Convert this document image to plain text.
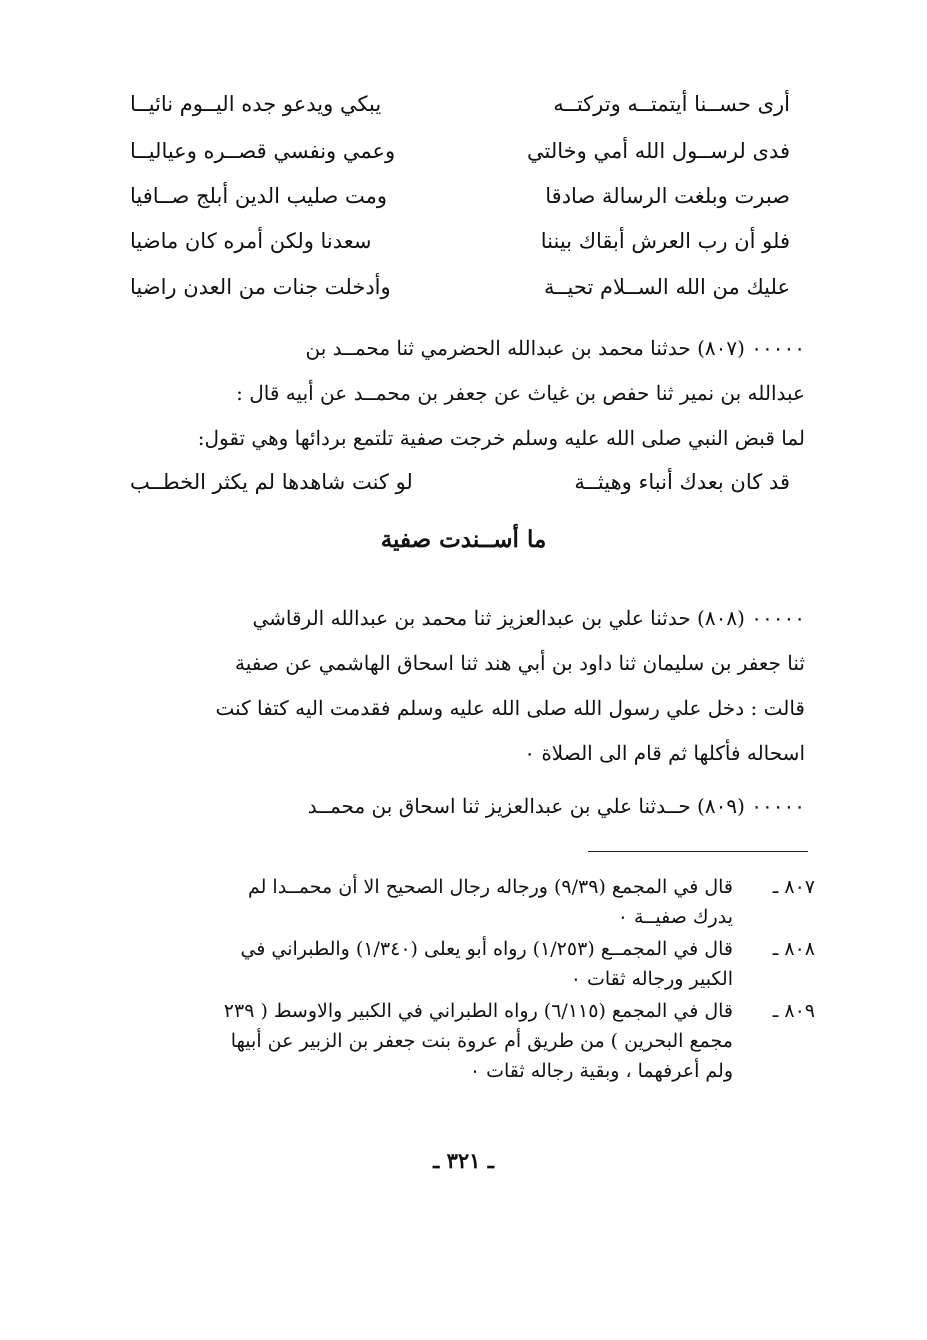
أرى حســنا أيتمتــه وتركتــه
يبكي ويدعو جده اليــوم نائيــا
فدى لرســول الله أمي وخالتي
وعمي ونفسي قصــره وعياليــا
صبرت وبلغت الرسالة صادقا
ومت صليب الدين أبلج صــافيا
فلو أن رب العرش أبقاك بيننا
سعدنا ولكن أمره كان ماضيا
عليك من الله الســلام تحيــة
وأدخلت جنات من العدن راضيا

٠٠٠٠٠ (٨٠٧) حدثنا محمد بن عبدالله الحضرمي ثنا محمــد بن

عبدالله بن نمير ثنا حفص بن غياث عن جعفر بن محمــد عن أبيه قال :

لما قبض النبي صلى الله عليه وسلم خرجت صفية تلتمع بردائها وهي تقول:

قد كان بعدك أنباء وهيثــة
لو كنت شاهدها لم يكثر الخطــب
ما أســندت صفية

٠٠٠٠٠ (٨٠٨) حدثنا علي بن عبدالعزيز ثنا محمد بن عبدالله الرقاشي

ثنا جعفر بن سليمان ثنا داود بن أبي هند ثنا اسحاق الهاشمي عن صفية

قالت : دخل علي رسول الله صلى الله عليه وسلم فقدمت اليه كتفا كنت

اسحاله فأكلها ثم قام الى الصلاة ٠

٠٠٠٠٠ (٨٠٩) حــدثنا علي بن عبدالعزيز ثنا اسحاق بن محمــد

٨٠٧ ـ
قال في المجمع (٩/٣٩) ورجاله رجال الصحيح الا أن محمــدا لم
يدرك صفيــة ٠
٨٠٨ ـ
قال في المجمــع (١/٢٥٣) رواه أبو يعلى (١/٣٤٠) والطبراني في
الكبير ورجاله ثقات ٠
٨٠٩ ـ
قال في المجمع (٦/١١٥) رواه الطبراني في الكبير والاوسط ( ٢٣٩
مجمع البحرين ) من طريق أم عروة بنت جعفر بن الزبير عن أبيها
ولم أعرفهما ، وبقية رجاله ثقات ٠
ـ ٣٢١ ـ
